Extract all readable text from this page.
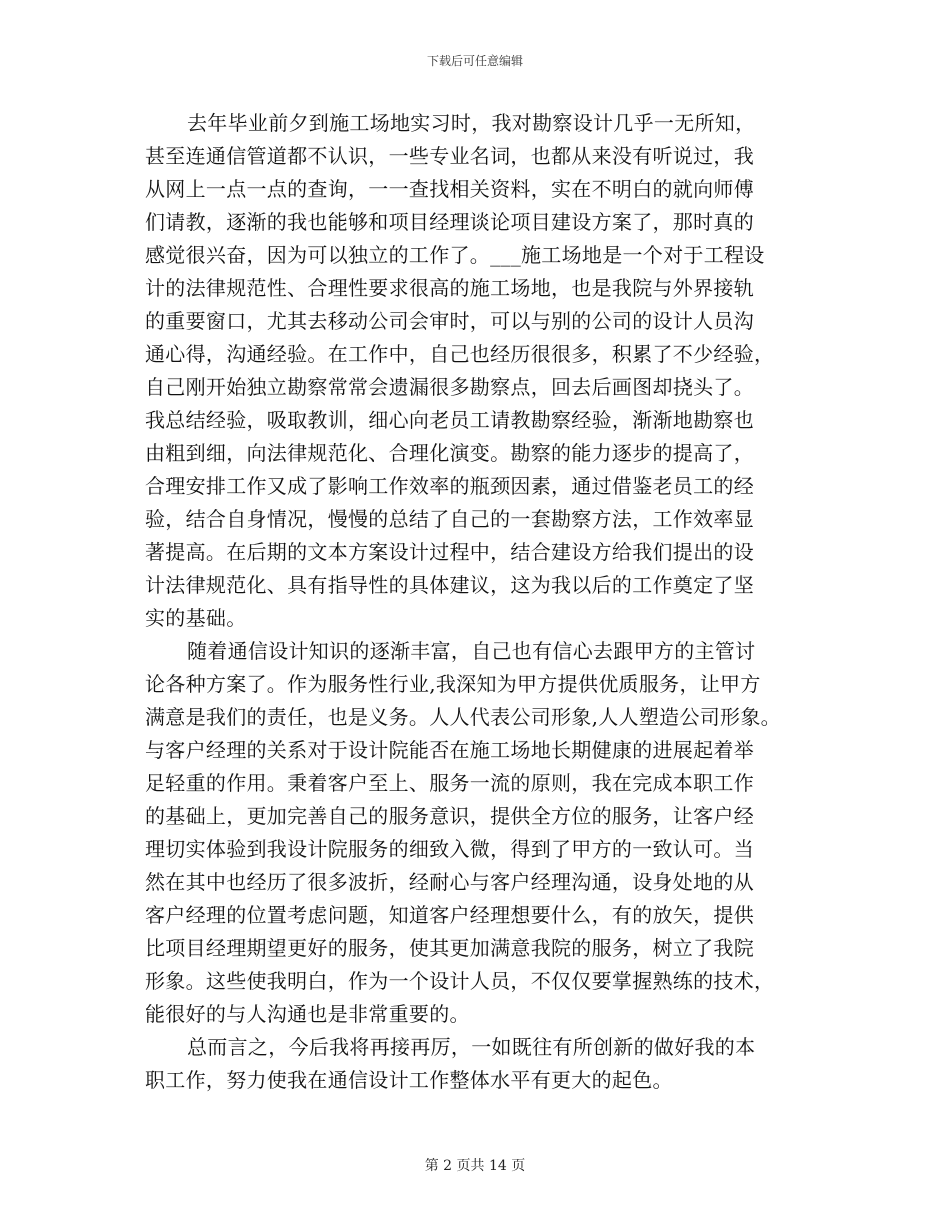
下载后可任意编辑
去年毕业前夕到施工场地实习时，我对勘察设计几乎一无所知，
甚至连通信管道都不认识，一些专业名词，也都从来没有听说过，我
从网上一点一点的查询，一一查找相关资料，实在不明白的就向师傅
们请教，逐渐的我也能够和项目经理谈论项目建设方案了，那时真的
感觉很兴奋，因为可以独立的工作了。___施工场地是一个对于工程设
计的法律规范性、合理性要求很高的施工场地，也是我院与外界接轨
的重要窗口，尤其去移动公司会审时，可以与别的公司的设计人员沟
通心得，沟通经验。在工作中，自己也经历很很多，积累了不少经验，
自己刚开始独立勘察常常会遗漏很多勘察点，回去后画图却挠头了。
我总结经验，吸取教训，细心向老员工请教勘察经验，渐渐地勘察也
由粗到细，向法律规范化、合理化演变。勘察的能力逐步的提高了，
合理安排工作又成了影响工作效率的瓶颈因素，通过借鉴老员工的经
验，结合自身情况，慢慢的总结了自己的一套勘察方法，工作效率显
著提高。在后期的文本方案设计过程中，结合建设方给我们提出的设
计法律规范化、具有指导性的具体建议，这为我以后的工作奠定了坚
实的基础。
随着通信设计知识的逐渐丰富，自己也有信心去跟甲方的主管讨
论各种方案了。作为服务性行业,我深知为甲方提供优质服务，让甲方
满意是我们的责任，也是义务。人人代表公司形象,人人塑造公司形象。
与客户经理的关系对于设计院能否在施工场地长期健康的进展起着举
足轻重的作用。秉着客户至上、服务一流的原则，我在完成本职工作
的基础上，更加完善自己的服务意识，提供全方位的服务，让客户经
理切实体验到我设计院服务的细致入微，得到了甲方的一致认可。当
然在其中也经历了很多波折，经耐心与客户经理沟通，设身处地的从
客户经理的位置考虑问题，知道客户经理想要什么，有的放矢，提供
比项目经理期望更好的服务，使其更加满意我院的服务，树立了我院
形象。这些使我明白，作为一个设计人员，不仅仅要掌握熟练的技术，
能很好的与人沟通也是非常重要的。
总而言之，今后我将再接再厉，一如既往有所创新的做好我的本
职工作，努力使我在通信设计工作整体水平有更大的起色。
第 2 页共 14 页
